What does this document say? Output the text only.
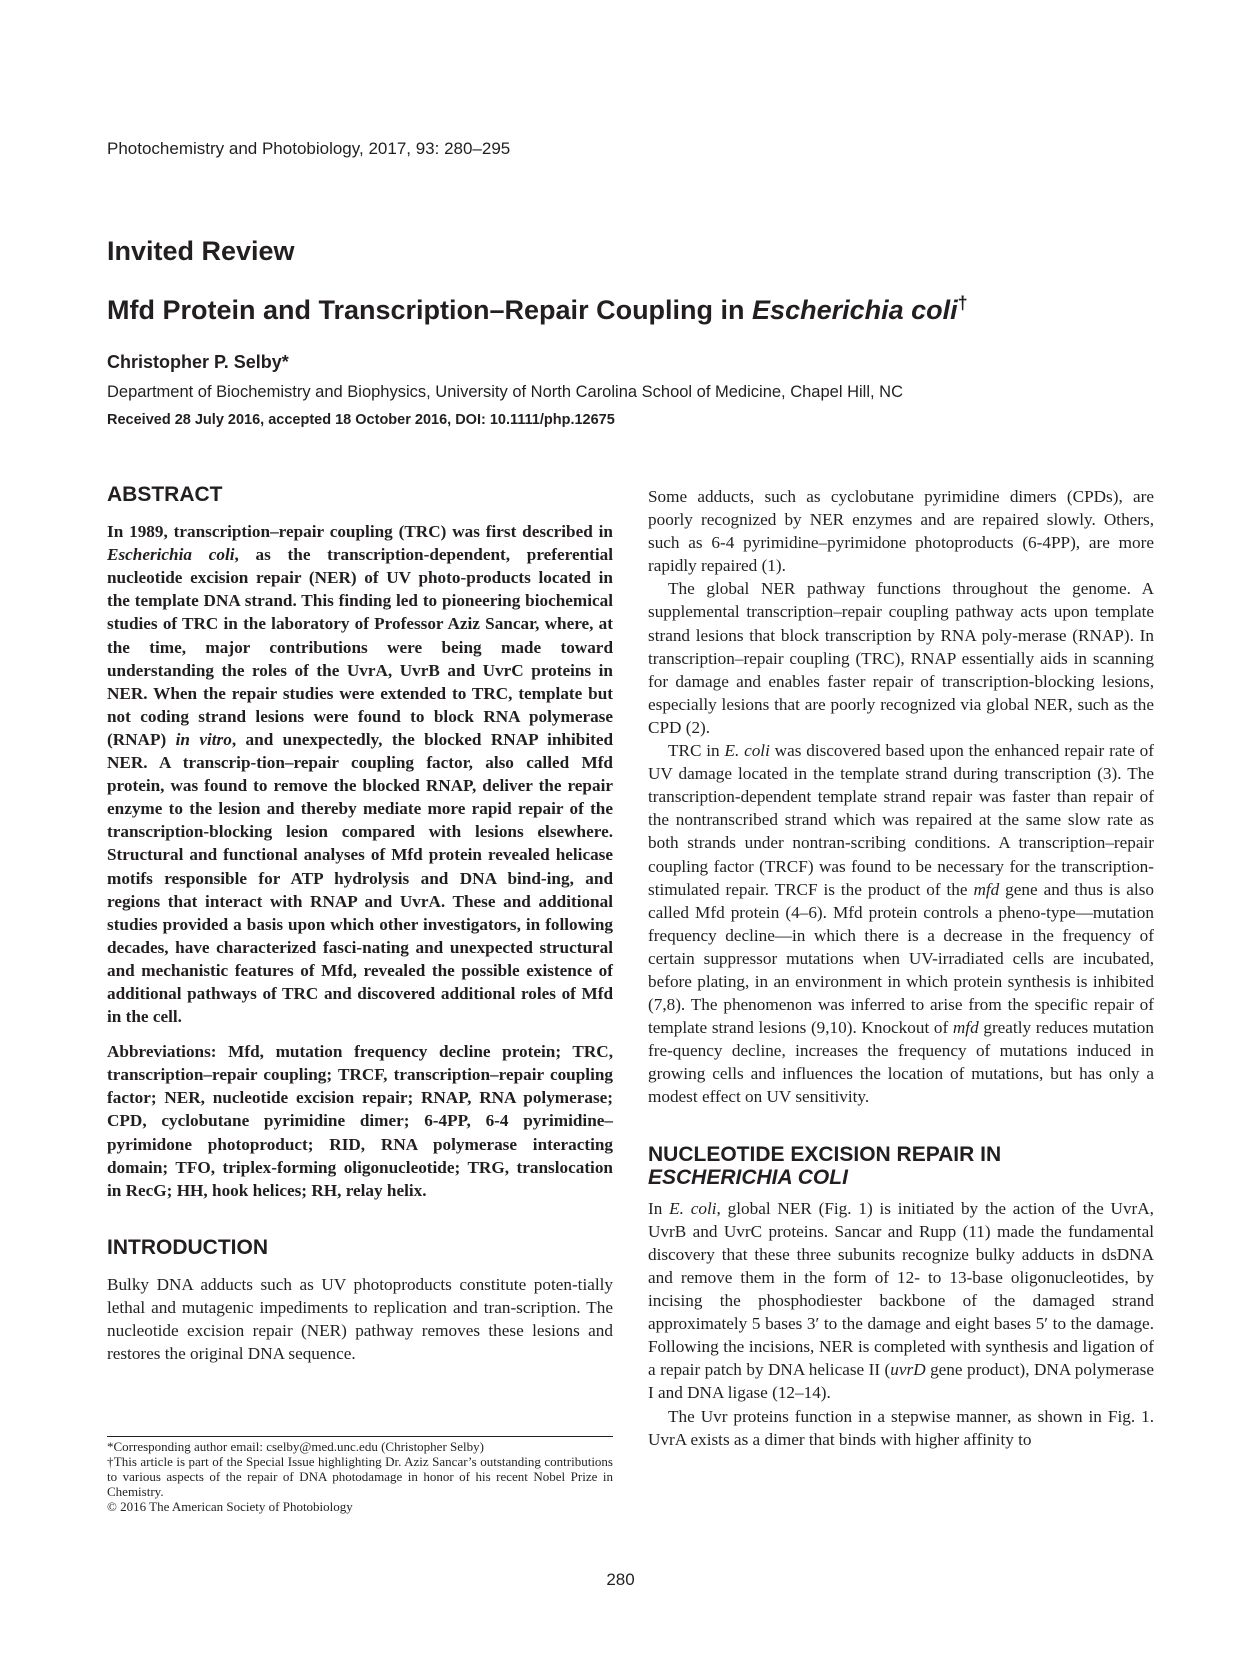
Photochemistry and Photobiology, 2017, 93: 280–295
Invited Review
Mfd Protein and Transcription–Repair Coupling in Escherichia coli†
Christopher P. Selby*
Department of Biochemistry and Biophysics, University of North Carolina School of Medicine, Chapel Hill, NC
Received 28 July 2016, accepted 18 October 2016, DOI: 10.1111/php.12675
ABSTRACT

In 1989, transcription–repair coupling (TRC) was first described in Escherichia coli, as the transcription-dependent, preferential nucleotide excision repair (NER) of UV photo-products located in the template DNA strand. This finding led to pioneering biochemical studies of TRC in the laboratory of Professor Aziz Sancar, where, at the time, major contributions were being made toward understanding the roles of the UvrA, UvrB and UvrC proteins in NER. When the repair studies were extended to TRC, template but not coding strand lesions were found to block RNA polymerase (RNAP) in vitro, and unexpectedly, the blocked RNAP inhibited NER. A transcrip-tion–repair coupling factor, also called Mfd protein, was found to remove the blocked RNAP, deliver the repair enzyme to the lesion and thereby mediate more rapid repair of the transcription-blocking lesion compared with lesions elsewhere. Structural and functional analyses of Mfd protein revealed helicase motifs responsible for ATP hydrolysis and DNA bind-ing, and regions that interact with RNAP and UvrA. These and additional studies provided a basis upon which other investigators, in following decades, have characterized fasci-nating and unexpected structural and mechanistic features of Mfd, revealed the possible existence of additional pathways of TRC and discovered additional roles of Mfd in the cell.

Abbreviations: Mfd, mutation frequency decline protein; TRC, transcription–repair coupling; TRCF, transcription–repair coupling factor; NER, nucleotide excision repair; RNAP, RNA polymerase; CPD, cyclobutane pyrimidine dimer; 6-4PP, 6-4 pyrimidine–pyrimidone photoproduct; RID, RNA polymerase interacting domain; TFO, triplex-forming oligonucleotide; TRG, translocation in RecG; HH, hook helices; RH, relay helix.

INTRODUCTION

Bulky DNA adducts such as UV photoproducts constitute poten-tially lethal and mutagenic impediments to replication and tran-scription. The nucleotide excision repair (NER) pathway removes these lesions and restores the original DNA sequence.

Some adducts, such as cyclobutane pyrimidine dimers (CPDs), are poorly recognized by NER enzymes and are repaired slowly. Others, such as 6-4 pyrimidine–pyrimidone photoproducts (6-4PP), are more rapidly repaired (1).

The global NER pathway functions throughout the genome. A supplemental transcription–repair coupling pathway acts upon template strand lesions that block transcription by RNA poly-merase (RNAP). In transcription–repair coupling (TRC), RNAP essentially aids in scanning for damage and enables faster repair of transcription-blocking lesions, especially lesions that are poorly recognized via global NER, such as the CPD (2).

TRC in E. coli was discovered based upon the enhanced repair rate of UV damage located in the template strand during transcription (3). The transcription-dependent template strand repair was faster than repair of the nontranscribed strand which was repaired at the same slow rate as both strands under nontran-scribing conditions. A transcription–repair coupling factor (TRCF) was found to be necessary for the transcription-stimulated repair. TRCF is the product of the mfd gene and thus is also called Mfd protein (4–6). Mfd protein controls a pheno-type—mutation frequency decline—in which there is a decrease in the frequency of certain suppressor mutations when UV-irradiated cells are incubated, before plating, in an environment in which protein synthesis is inhibited (7,8). The phenomenon was inferred to arise from the specific repair of template strand lesions (9,10). Knockout of mfd greatly reduces mutation fre-quency decline, increases the frequency of mutations induced in growing cells and influences the location of mutations, but has only a modest effect on UV sensitivity.

NUCLEOTIDE EXCISION REPAIR IN
ESCHERICHIA COLI

In E. coli, global NER (Fig. 1) is initiated by the action of the UvrA, UvrB and UvrC proteins. Sancar and Rupp (11) made the fundamental discovery that these three subunits recognize bulky adducts in dsDNA and remove them in the form of 12- to 13-base oligonucleotides, by incising the phosphodiester backbone of the damaged strand approximately 5 bases 3′ to the damage and eight bases 5′ to the damage. Following the incisions, NER is completed with synthesis and ligation of a repair patch by DNA helicase II (uvrD gene product), DNA polymerase I and DNA ligase (12–14).

The Uvr proteins function in a stepwise manner, as shown in Fig. 1. UvrA exists as a dimer that binds with higher affinity to

*Corresponding author email: cselby@med.unc.edu (Christopher Selby)
†This article is part of the Special Issue highlighting Dr. Aziz Sancar’s outstanding contributions to various aspects of the repair of DNA photodamage in honor of his recent Nobel Prize in Chemistry.
© 2016 The American Society of Photobiology
280
